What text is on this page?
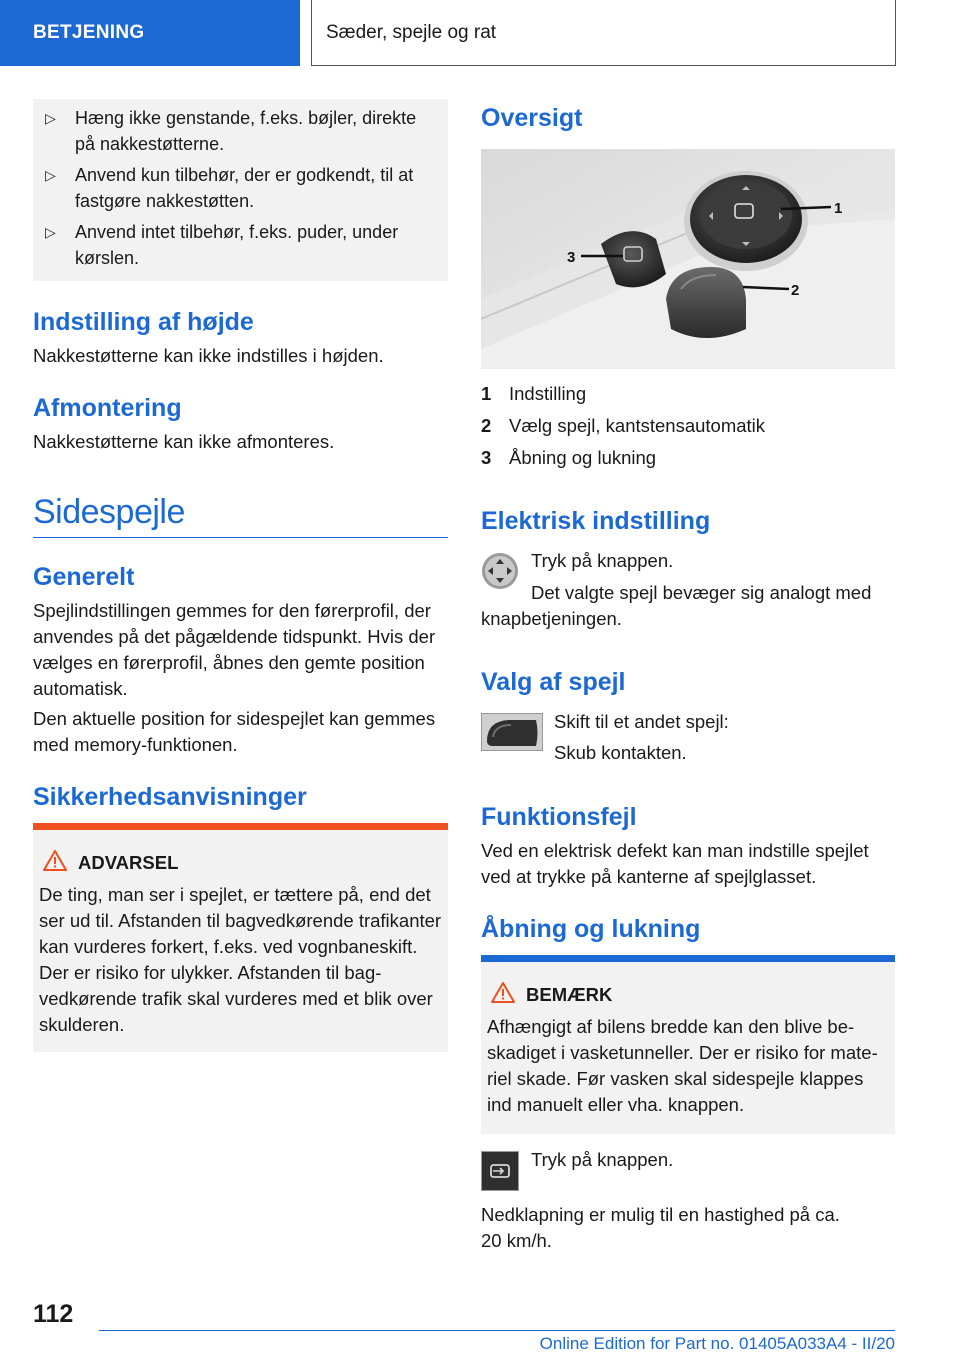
BETJENING	Sæder, spejle og rat
▷ Hæng ikke genstande, f.eks. bøjler, direkte på nakkestøtterne.
▷ Anvend kun tilbehør, der er godkendt, til at fastgøre nakkestøtten.
▷ Anvend intet tilbehør, f.eks. puder, under kørslen.
Indstilling af højde
Nakkestøtterne kan ikke indstilles i højden.
Afmontering
Nakkestøtterne kan ikke afmonteres.
Sidespejle
Generelt
Spejlindstillingen gemmes for den førerprofil, der anvendes på det pågældende tidspunkt. Hvis der vælges en førerprofil, åbnes den gemte position automatisk.
Den aktuelle position for sidespejlet kan gemmes med memory-funktionen.
Sikkerhedsanvisninger
ADVARSEL
De ting, man ser i spejlet, er tættere på, end det ser ud til. Afstanden til bagvedkørende trafikanter kan vurderes forkert, f.eks. ved vognbaneskift. Der er risiko for ulykker. Afstanden til bagvedkørende trafik skal vurderes med et blik over skulderen.
Oversigt
1
2
3
1 Indstilling
2 Vælg spejl, kantstensautomatik
3 Åbning og lukning
Elektrisk indstilling
Tryk på knappen.
Det valgte spejl bevæger sig analogt med knapbetjeningen.
Valg af spejl
Skift til et andet spejl:
Skub kontakten.
Funktionsfejl
Ved en elektrisk defekt kan man indstille spejlet ved at trykke på kanterne af spejlglasset.
Åbning og lukning
BEMÆRK
Afhængigt af bilens bredde kan den blive beskadiget i vasketunneller. Der er risiko for materiel skade. Før vasken skal sidespejle klappes ind manuelt eller vha. knappen.
Tryk på knappen.
Nedklapning er mulig til en hastighed på ca. 20 km/h.
112
Online Edition for Part no. 01405A033A4 - II/20
